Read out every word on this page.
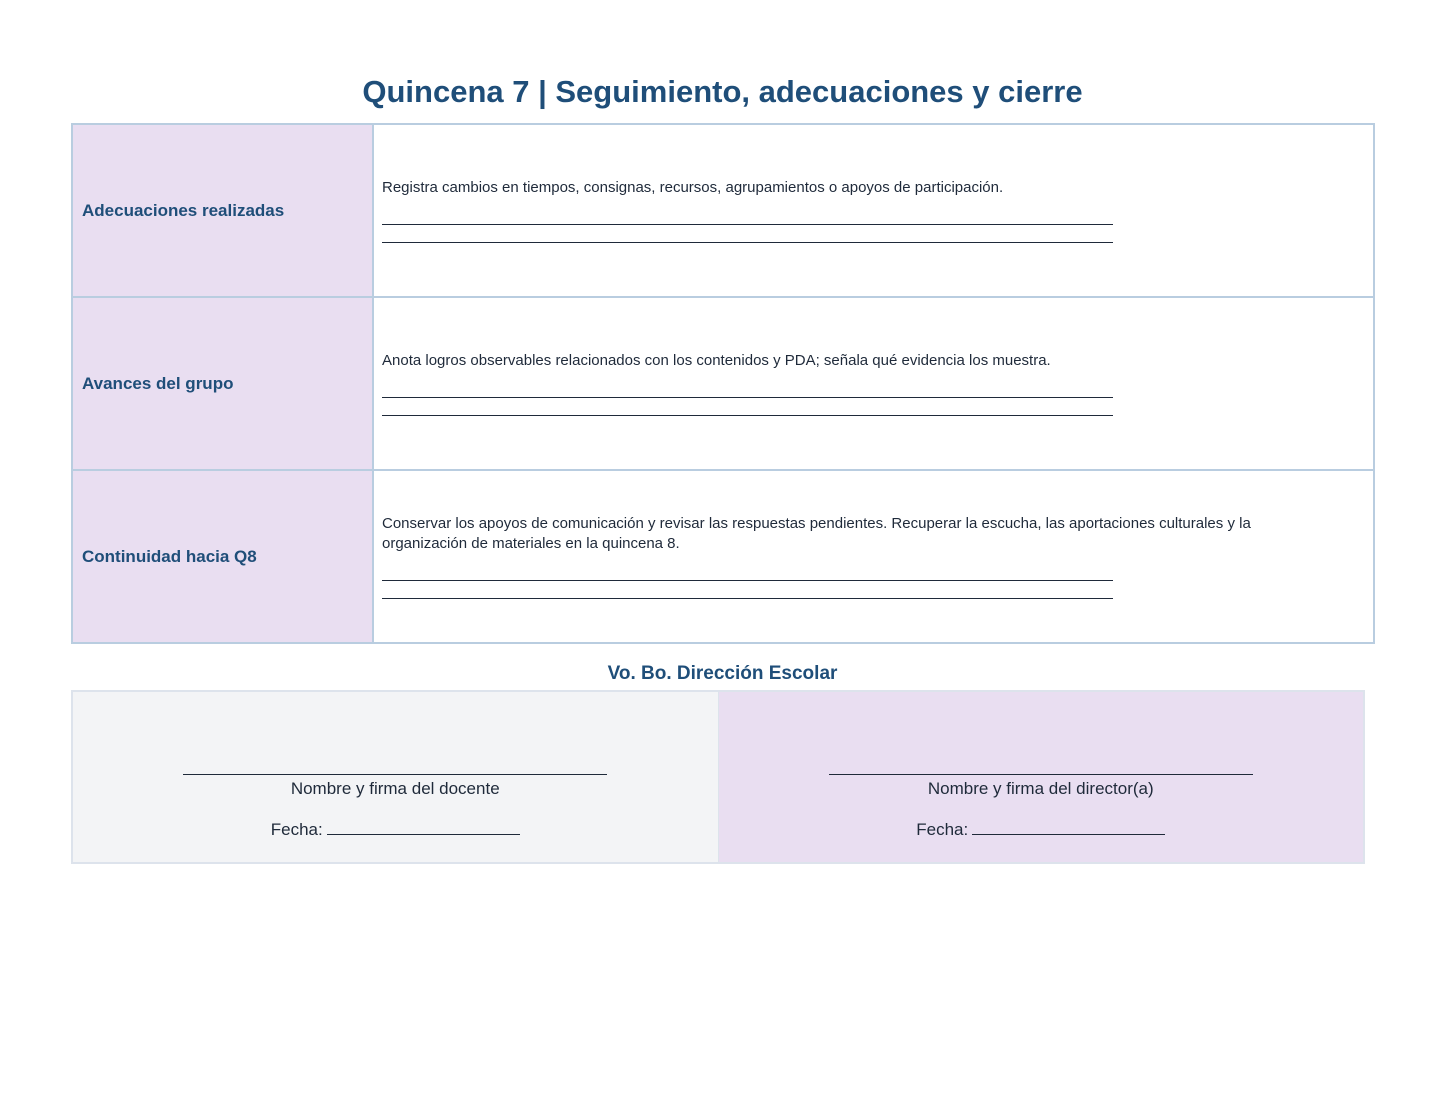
Quincena 7 | Seguimiento, adecuaciones y cierre
Adecuaciones realizadas	Registra cambios en tiempos, consignas, recursos, agrupamientos o apoyos de participación.

Avances del grupo	Anota logros observables relacionados con los contenidos y PDA; señala qué evidencia los muestra.

Continuidad hacia Q8	Conservar los apoyos de comunicación y revisar las respuestas pendientes. Recuperar la escucha, las aportaciones culturales y la organización de materiales en la quincena 8.
Vo. Bo. Dirección Escolar
Nombre y firma del docente
Fecha:
Nombre y firma del director(a)
Fecha:
